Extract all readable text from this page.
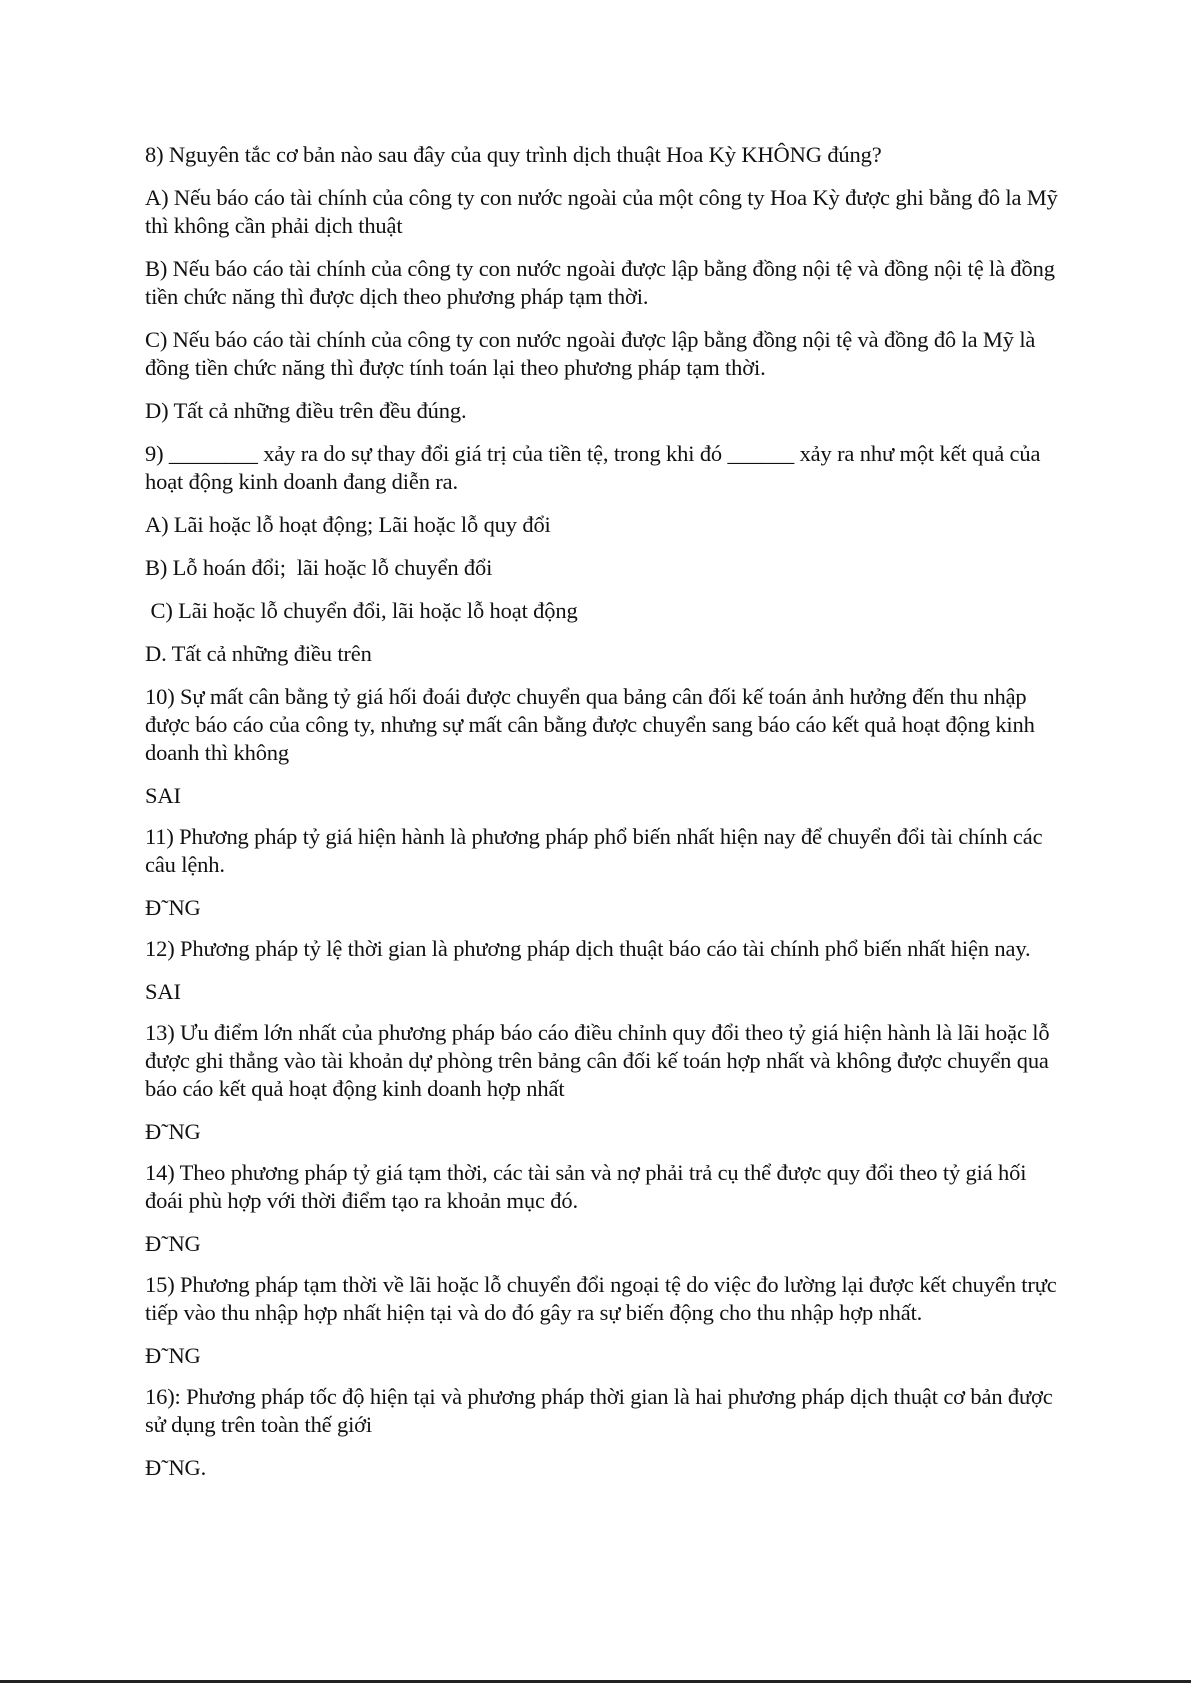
8) Nguyên tắc cơ bản nào sau đây của quy trình dịch thuật Hoa Kỳ KHÔNG đúng?

A) Nếu báo cáo tài chính của công ty con nước ngoài của một công ty Hoa Kỳ được ghi bằng đô la Mỹ thì không cần phải dịch thuật

B) Nếu báo cáo tài chính của công ty con nước ngoài được lập bằng đồng nội tệ và đồng nội tệ là đồng tiền chức năng thì được dịch theo phương pháp tạm thời.

C) Nếu báo cáo tài chính của công ty con nước ngoài được lập bằng đồng nội tệ và đồng đô la Mỹ là đồng tiền chức năng thì được tính toán lại theo phương pháp tạm thời.

D) Tất cả những điều trên đều đúng.

9) ________ xảy ra do sự thay đổi giá trị của tiền tệ, trong khi đó ______ xảy ra như một kết quả của hoạt động kinh doanh đang diễn ra.

A) Lãi hoặc lỗ hoạt động; Lãi hoặc lỗ quy đổi

B) Lỗ hoán đổi;  lãi hoặc lỗ chuyển đổi

C) Lãi hoặc lỗ chuyển đổi, lãi hoặc lỗ hoạt động

D. Tất cả những điều trên

10) Sự mất cân bằng tỷ giá hối đoái được chuyển qua bảng cân đối kế toán ảnh hưởng đến thu nhập được báo cáo của công ty, nhưng sự mất cân bằng được chuyển sang báo cáo kết quả hoạt động kinh doanh thì không

SAI

11) Phương pháp tỷ giá hiện hành là phương pháp phổ biến nhất hiện nay để chuyển đổi tài chính các câu lệnh.

Đ˜NG

12) Phương pháp tỷ lệ thời gian là phương pháp dịch thuật báo cáo tài chính phổ biến nhất hiện nay.

SAI

13) Ưu điểm lớn nhất của phương pháp báo cáo điều chỉnh quy đổi theo tỷ giá hiện hành là lãi hoặc lỗ được ghi thẳng vào tài khoản dự phòng trên bảng cân đối kế toán hợp nhất và không được chuyển qua báo cáo kết quả hoạt động kinh doanh hợp nhất

Đ˜NG

14) Theo phương pháp tỷ giá tạm thời, các tài sản và nợ phải trả cụ thể được quy đổi theo tỷ giá hối đoái phù hợp với thời điểm tạo ra khoản mục đó.

Đ˜NG

15) Phương pháp tạm thời về lãi hoặc lỗ chuyển đổi ngoại tệ do việc đo lường lại được kết chuyển trực tiếp vào thu nhập hợp nhất hiện tại và do đó gây ra sự biến động cho thu nhập hợp nhất.

Đ˜NG

16): Phương pháp tốc độ hiện tại và phương pháp thời gian là hai phương pháp dịch thuật cơ bản được sử dụng trên toàn thế giới

Đ˜NG.
